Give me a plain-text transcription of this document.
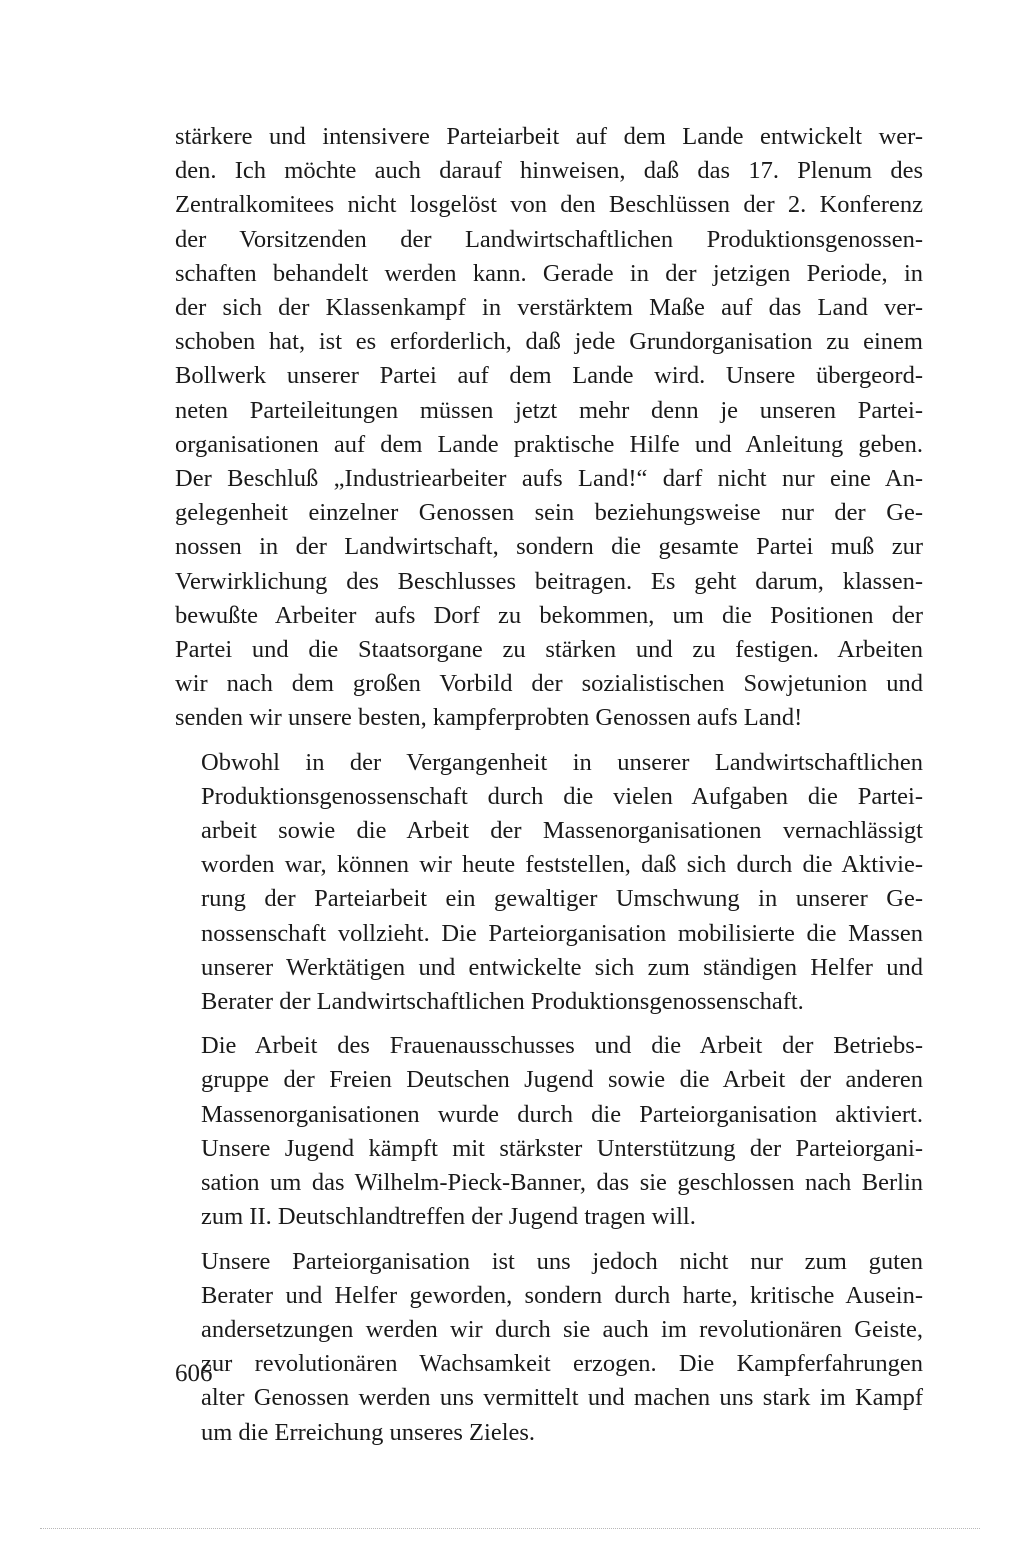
stärkere und intensivere Parteiarbeit auf dem Lande entwickelt wer-
den. Ich möchte auch darauf hinweisen, daß das 17. Plenum des
Zentralkomitees nicht losgelöst von den Beschlüssen der 2. Konferenz
der Vorsitzenden der Landwirtschaftlichen Produktionsgenossen-
schaften behandelt werden kann. Gerade in der jetzigen Periode, in
der sich der Klassenkampf in verstärktem Maße auf das Land ver-
schoben hat, ist es erforderlich, daß jede Grundorganisation zu einem
Bollwerk unserer Partei auf dem Lande wird. Unsere übergeord-
neten Parteileitungen müssen jetzt mehr denn je unseren Partei-
organisationen auf dem Lande praktische Hilfe und Anleitung geben.
Der Beschluß „Industriearbeiter aufs Land!“ darf nicht nur eine An-
gelegenheit einzelner Genossen sein beziehungsweise nur der Ge-
nossen in der Landwirtschaft, sondern die gesamte Partei muß zur
Verwirklichung des Beschlusses beitragen. Es geht darum, klassen-
bewußte Arbeiter aufs Dorf zu bekommen, um die Positionen der
Partei und die Staatsorgane zu stärken und zu festigen. Arbeiten
wir nach dem großen Vorbild der sozialistischen Sowjetunion und
senden wir unsere besten, kampferprobten Genossen aufs Land!

Obwohl in der Vergangenheit in unserer Landwirtschaftlichen
Produktionsgenossenschaft durch die vielen Aufgaben die Partei-
arbeit sowie die Arbeit der Massenorganisationen vernachlässigt
worden war, können wir heute feststellen, daß sich durch die Aktivie-
rung der Parteiarbeit ein gewaltiger Umschwung in unserer Ge-
nossenschaft vollzieht. Die Parteiorganisation mobilisierte die Massen
unserer Werktätigen und entwickelte sich zum ständigen Helfer und
Berater der Landwirtschaftlichen Produktionsgenossenschaft.

Die Arbeit des Frauenausschusses und die Arbeit der Betriebs-
gruppe der Freien Deutschen Jugend sowie die Arbeit der anderen
Massenorganisationen wurde durch die Parteiorganisation aktiviert.
Unsere Jugend kämpft mit stärkster Unterstützung der Parteiorgani-
sation um das Wilhelm-Pieck-Banner, das sie geschlossen nach Berlin
zum II. Deutschlandtreffen der Jugend tragen will.

Unsere Parteiorganisation ist uns jedoch nicht nur zum guten
Berater und Helfer geworden, sondern durch harte, kritische Ausein-
andersetzungen werden wir durch sie auch im revolutionären Geiste,
zur revolutionären Wachsamkeit erzogen. Die Kampferfahrungen
alter Genossen werden uns vermittelt und machen uns stark im Kampf
um die Erreichung unseres Zieles.

606
